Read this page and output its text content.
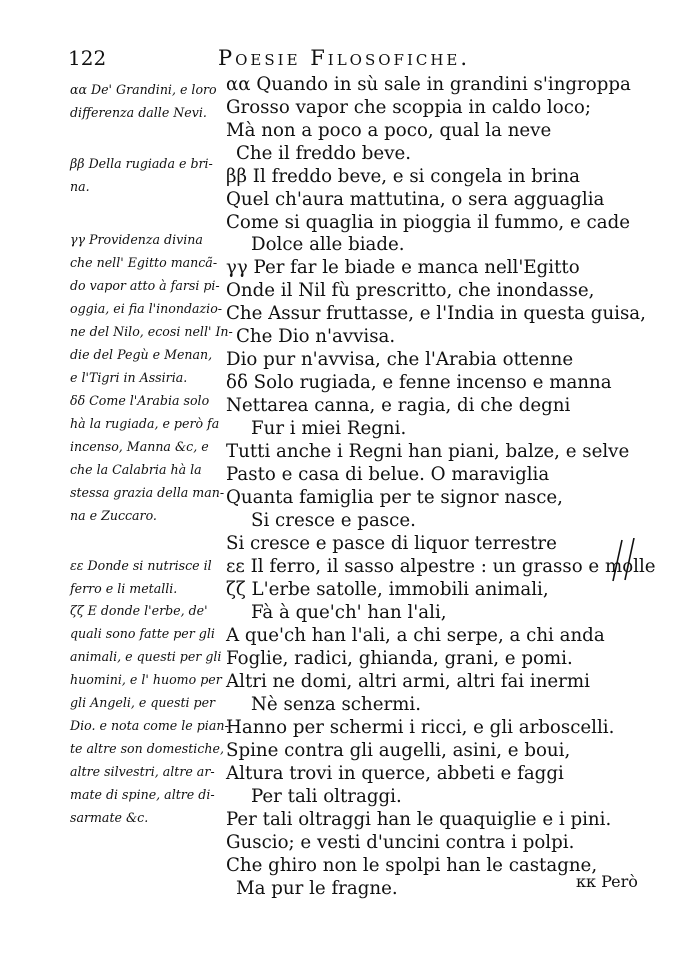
122	Poesie Filosofiche.
αα De' Grandini, e loro
differenza dalle Nevi.
ββ Della rugiada e bri-
na.
γγ Providenza divina
che nell' Egitto mancã-
do vapor atto à farsi pi-
oggia, ei fia l'inondazio-
ne del Nilo, ecosi nell' In-
die del Pegù e Menan,
e l'Tigri in Assiria.
δδ Come l'Arabia solo
hà la rugiada, e però fa
incenso, Manna &c, e
che la Calabria hà la
stessa grazia della man-
na e Zuccaro.
εε Donde si nutrisce il
ferro e li metalli.
ζζ E donde l'erbe, de'
quali sono fatte per gli
animali, e questi per gli
huomini, e l' huomo per
gli Angeli, e questi per
Dio. e nota come le pian-
te altre son domestiche,
altre silvestri, altre ar-
mate di spine, altre di-
sarmate &c.
αα Quando in sù sale in grandini s'ingroppa
Grosso vapor che scoppia in caldo loco;
Mà non a poco a poco, qual la neve
Che il freddo beve.
ββ Il freddo beve, e si congela in brina
Quel ch'aura mattutina, o sera agguaglia
Come si quaglia in pioggia il fummo, e cade
Dolce alle biade.
γγ Per far le biade e manca nell'Egitto
Onde il Nil fù prescritto, che inondasse,
Che Assur fruttasse, e l'India in questa guisa,
Che Dio n'avvisa.
Dio pur n'avvisa, che l'Arabia ottenne
δδ Solo rugiada, e fenne incenso e manna
Nettarea canna, e ragia, di che degni
Fur i miei Regni.
Tutti anche i Regni han piani, balze, e selve
Pasto e casa di belue. O maraviglia
Quanta famiglia per te signor nasce,
Si cresce e pasce.
Si cresce e pasce di liquor terrestre
εε Il ferro, il sasso alpestre : un grasso e molle
ζζ L'erbe satolle, immobili animali,
Fà à que'ch' han l'ali,
A que'ch han l'ali, a chi serpe, a chi anda
Foglie, radici, ghianda, grani, e pomi.
Altri ne domi, altri armi, altri fai inermi
Nè senza schermi.
Hanno per schermi i ricci, e gli arboscelli.
Spine contra gli augelli, asini, e boui,
Altura trovi in querce, abbeti e faggi
Per tali oltraggi.
Per tali oltraggi han le quaquiglie e i pini.
Guscio; e vesti d'uncini contra i polpi.
Che ghiro non le spolpi han le castagne,
Ma pur le fragne.	κκ Però
